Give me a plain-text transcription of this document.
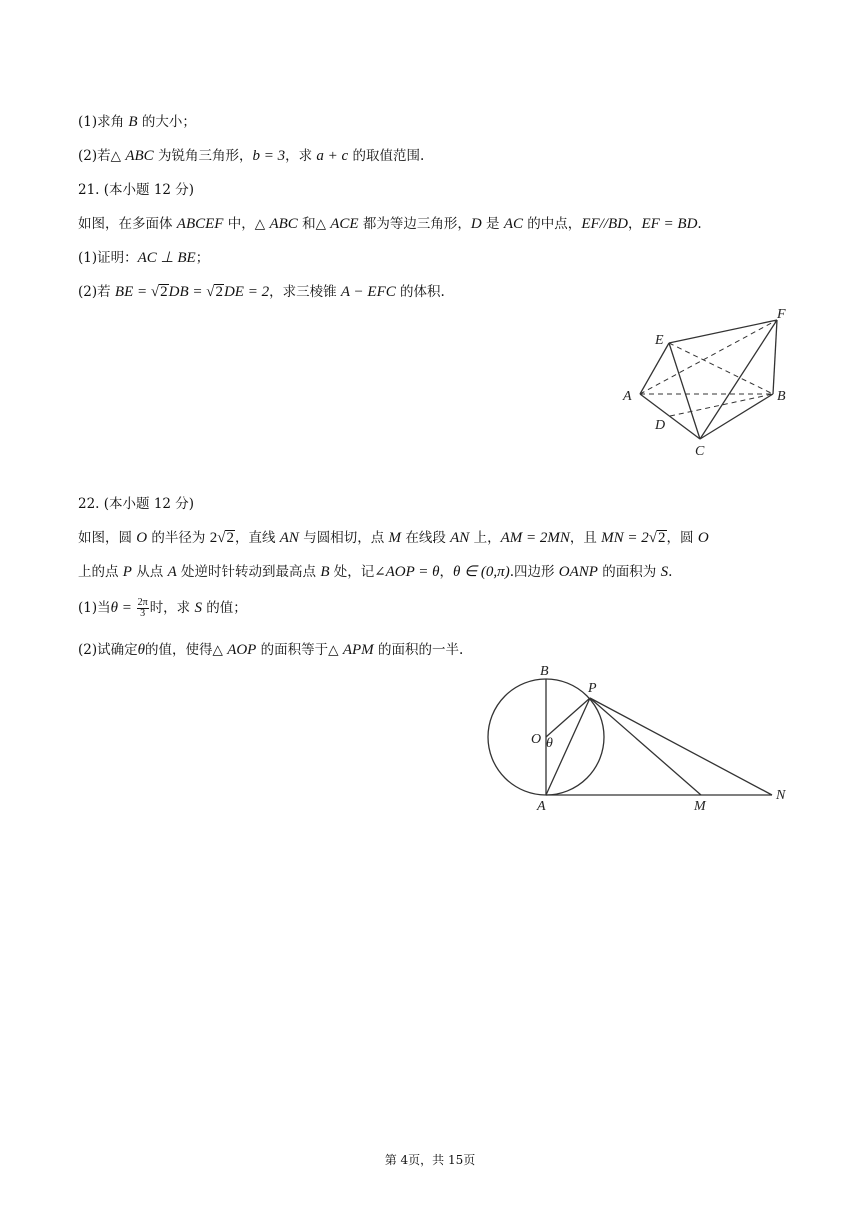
(1)求角 B 的大小；
(2)若△ ABC 为锐角三角形，b = 3，求 a + c 的取值范围.
21. (本小题 12 分)
如图，在多面体 ABCEF 中，△ ABC 和△ ACE 都为等边三角形，D 是 AC 的中点，EF//BD，EF = BD.
(1)证明：AC ⊥ BE；
(2)若 BE = √2DB = √2DE = 2，求三棱锥 A − EFC 的体积.
E
F
A	B
D
C
22. (本小题 12 分)
如图，圆 O 的半径为 2√2，直线 AN 与圆相切，点 M 在线段 AN 上，AM = 2MN，且 MN = 2√2，圆 O
上的点 P 从点 A 处逆时针转动到最高点 B 处，记∠AOP = θ，θ ∈ (0,π).四边形 OANP 的面积为 S.
(1)当$\theta = \frac{2\pi}{3}$ 时，求 S 的值；
(2)试确定θ的值，使得△ AOP 的面积等于△ APM 的面积的一半.
B
P
O θ
A	M
N
第 4页，共 15页
